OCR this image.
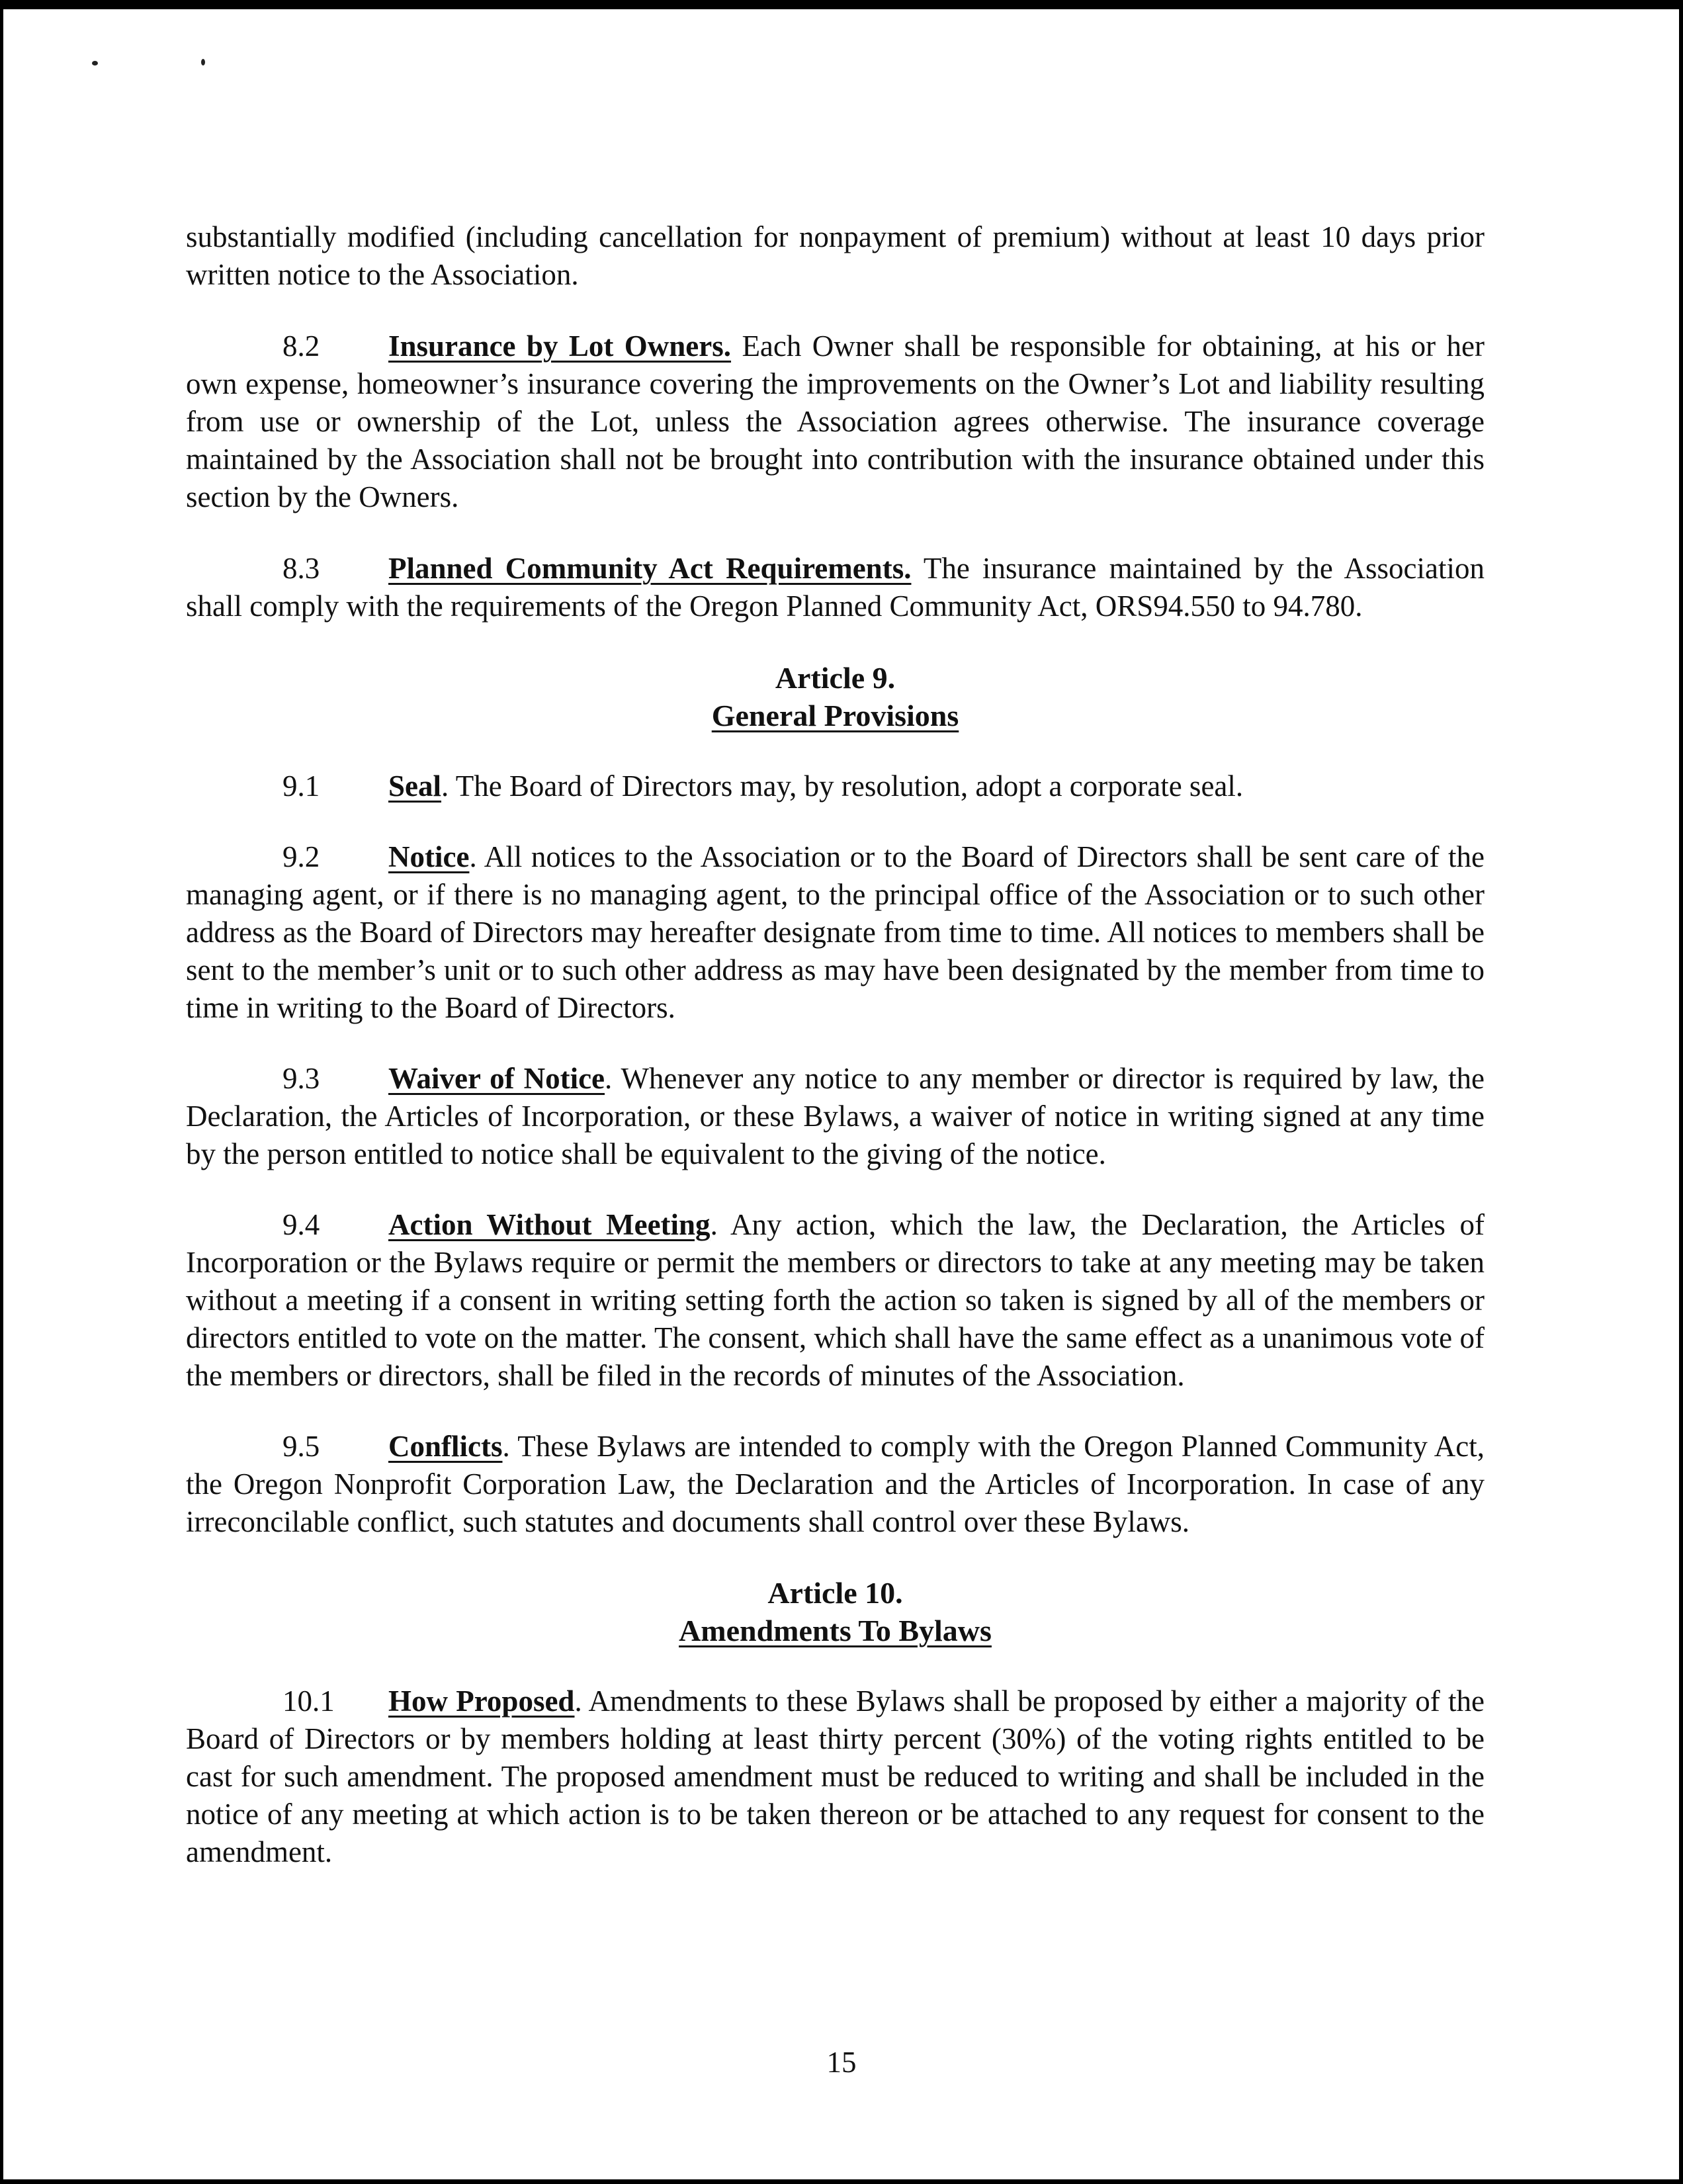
substantially modified (including cancellation for nonpayment of premium) without at least 10 days prior written notice to the Association.

8.2 Insurance by Lot Owners. Each Owner shall be responsible for obtaining, at his or her own expense, homeowner’s insurance covering the improvements on the Owner’s Lot and liability resulting from use or ownership of the Lot, unless the Association agrees otherwise. The insurance coverage maintained by the Association shall not be brought into contribution with the insurance obtained under this section by the Owners.

8.3 Planned Community Act Requirements. The insurance maintained by the Association shall comply with the requirements of the Oregon Planned Community Act, ORS94.550 to 94.780.

Article 9.

General Provisions

9.1 Seal. The Board of Directors may, by resolution, adopt a corporate seal.

9.2 Notice. All notices to the Association or to the Board of Directors shall be sent care of the managing agent, or if there is no managing agent, to the principal office of the Association or to such other address as the Board of Directors may hereafter designate from time to time. All notices to members shall be sent to the member’s unit or to such other address as may have been designated by the member from time to time in writing to the Board of Directors.

9.3 Waiver of Notice. Whenever any notice to any member or director is required by law, the Declaration, the Articles of Incorporation, or these Bylaws, a waiver of notice in writing signed at any time by the person entitled to notice shall be equivalent to the giving of the notice.

9.4 Action Without Meeting. Any action, which the law, the Declaration, the Articles of Incorporation or the Bylaws require or permit the members or directors to take at any meeting may be taken without a meeting if a consent in writing setting forth the action so taken is signed by all of the members or directors entitled to vote on the matter. The consent, which shall have the same effect as a unanimous vote of the members or directors, shall be filed in the records of minutes of the Association.

9.5 Conflicts. These Bylaws are intended to comply with the Oregon Planned Community Act, the Oregon Nonprofit Corporation Law, the Declaration and the Articles of Incorporation. In case of any irreconcilable conflict, such statutes and documents shall control over these Bylaws.

Article 10.

Amendments To Bylaws

10.1 How Proposed. Amendments to these Bylaws shall be proposed by either a majority of the Board of Directors or by members holding at least thirty percent (30%) of the voting rights entitled to be cast for such amendment. The proposed amendment must be reduced to writing and shall be included in the notice of any meeting at which action is to be taken thereon or be attached to any request for consent to the amendment.

15
